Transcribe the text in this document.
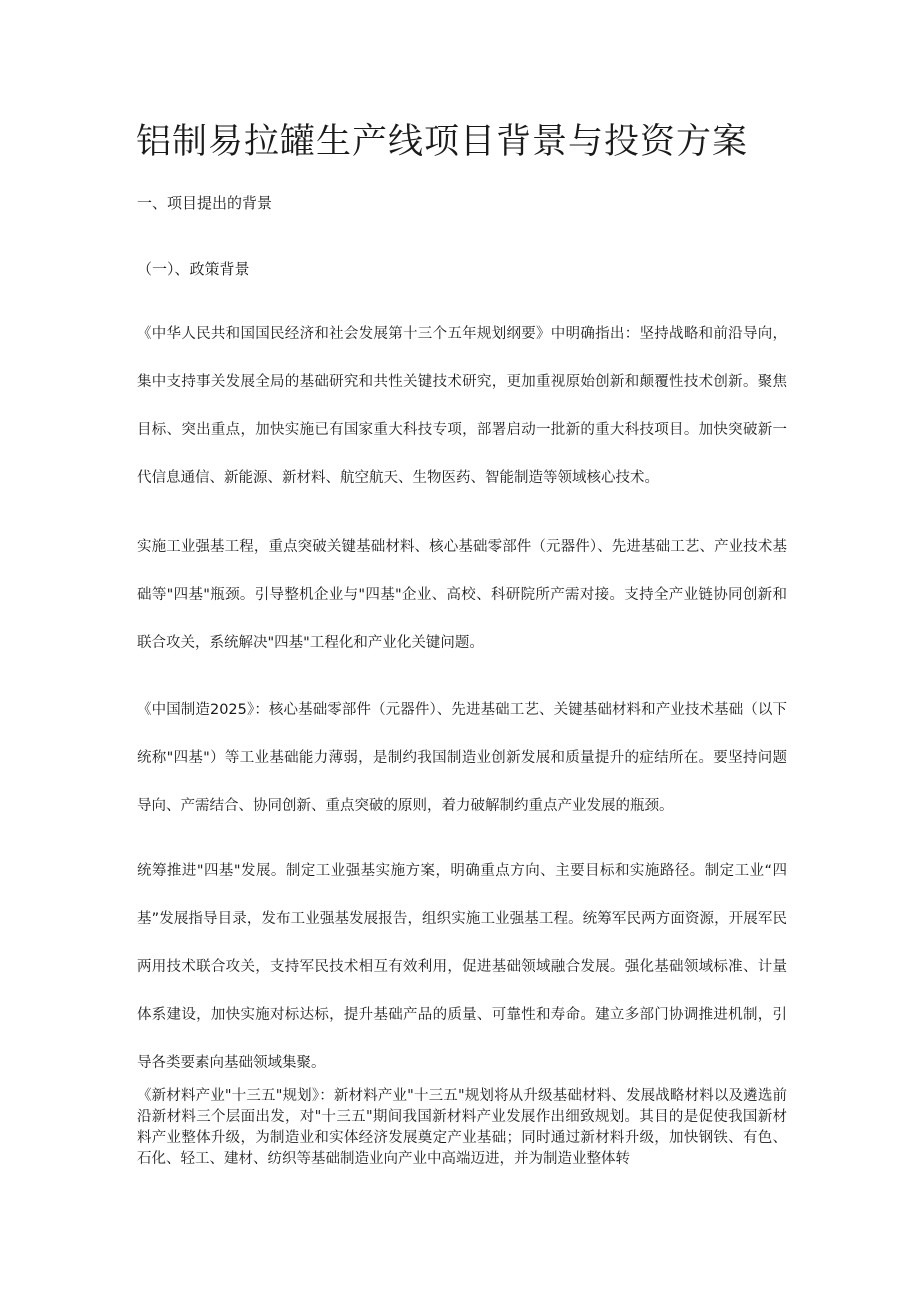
铝制易拉罐生产线项目背景与投资方案
一、项目提出的背景
（一）、政策背景
《中华人民共和国国民经济和社会发展第十三个五年规划纲要》中明确指出：坚持战略和前沿导向，集中支持事关发展全局的基础研究和共性关键技术研究，更加重视原始创新和颠覆性技术创新。聚焦目标、突出重点，加快实施已有国家重大科技专项，部署启动一批新的重大科技项目。加快突破新一代信息通信、新能源、新材料、航空航天、生物医药、智能制造等领域核心技术。
实施工业强基工程，重点突破关键基础材料、核心基础零部件（元器件）、先进基础工艺、产业技术基础等"四基"瓶颈。引导整机企业与"四基"企业、高校、科研院所产需对接。支持全产业链协同创新和联合攻关，系统解决"四基"工程化和产业化关键问题。
《中国制造2025》：核心基础零部件（元器件）、先进基础工艺、关键基础材料和产业技术基础（以下统称"四基"）等工业基础能力薄弱，是制约我国制造业创新发展和质量提升的症结所在。要坚持问题导向、产需结合、协同创新、重点突破的原则，着力破解制约重点产业发展的瓶颈。
统筹推进"四基"发展。制定工业强基实施方案，明确重点方向、主要目标和实施路径。制定工业“四基”发展指导目录，发布工业强基发展报告，组织实施工业强基工程。统筹军民两方面资源，开展军民两用技术联合攻关，支持军民技术相互有效利用，促进基础领域融合发展。强化基础领域标准、计量体系建设，加快实施对标达标，提升基础产品的质量、可靠性和寿命。建立多部门协调推进机制，引导各类要素向基础领域集聚。
《新材料产业"十三五"规划》：新材料产业"十三五"规划将从升级基础材料、发展战略材料以及遴选前沿新材料三个层面出发，对"十三五"期间我国新材料产业发展作出细致规划。其目的是促使我国新材料产业整体升级，为制造业和实体经济发展奠定产业基础；同时通过新材料升级，加快钢铁、有色、石化、轻工、建材、纺织等基础制造业向产业中高端迈进，并为制造业整体转
